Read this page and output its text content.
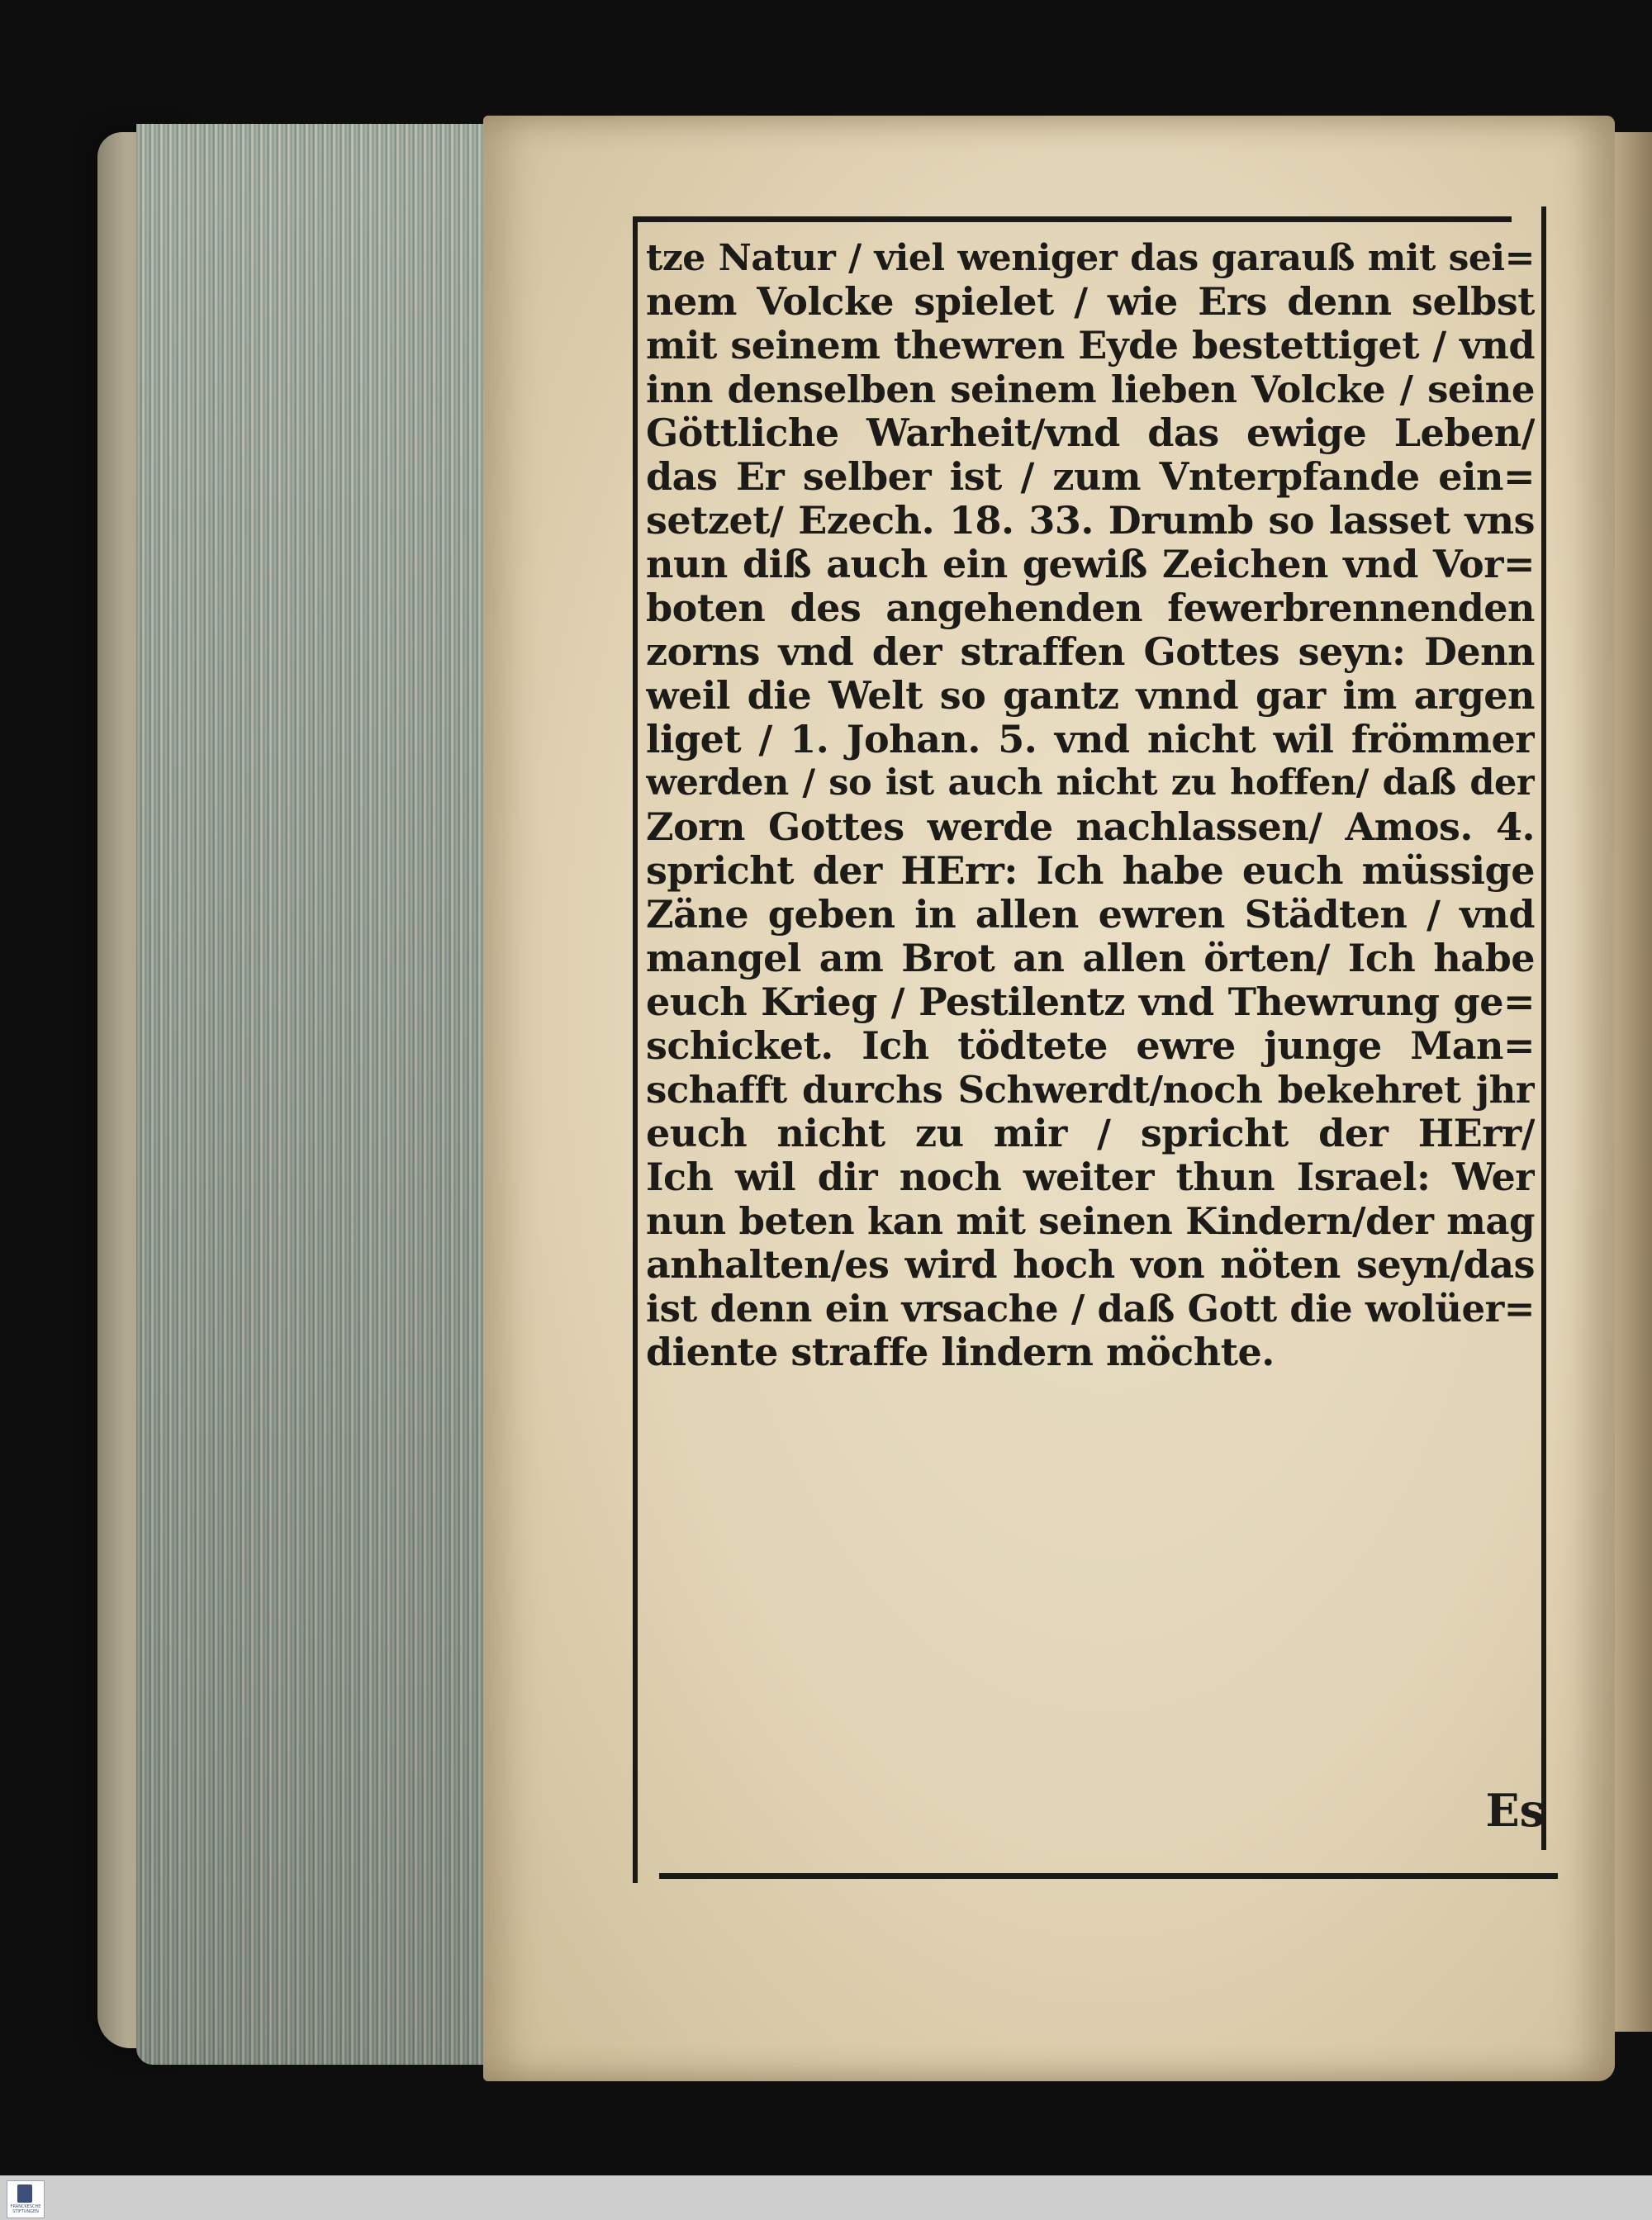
tze Natur / viel weniger das garauß mit sei=
nem Volcke spielet / wie Ers denn selbst
mit seinem thewren Eyde bestettiget / vnd
inn denselben seinem lieben Volcke / seine
Göttliche Warheit/vnd das ewige Leben/
das Er selber ist / zum Vnterpfande ein=
setzet/ Ezech. 18. 33. Drumb so lasset vns
nun diß auch ein gewiß Zeichen vnd Vor=
boten des angehenden fewerbrennenden
zorns vnd der straffen Gottes seyn: Denn
weil die Welt so gantz vnnd gar im argen
liget / 1. Johan. 5. vnd nicht wil frömmer
werden / so ist auch nicht zu hoffen/ daß der
Zorn Gottes werde nachlassen/ Amos. 4.
spricht der HErr: Ich habe euch müssige
Zäne geben in allen ewren Städten / vnd
mangel am Brot an allen örten/ Ich habe
euch Krieg / Pestilentz vnd Thewrung ge=
schicket. Ich tödtete ewre junge Man=
schafft durchs Schwerdt/noch bekehret jhr
euch nicht zu mir / spricht der HErr/
Ich wil dir noch weiter thun Israel: Wer
nun beten kan mit seinen Kindern/der mag
anhalten/es wird hoch von nöten seyn/das
ist denn ein vrsache / daß Gott die wolüer=
diente straffe lindern möchte.
Es
FRANCKESCHE STIFTUNGEN
